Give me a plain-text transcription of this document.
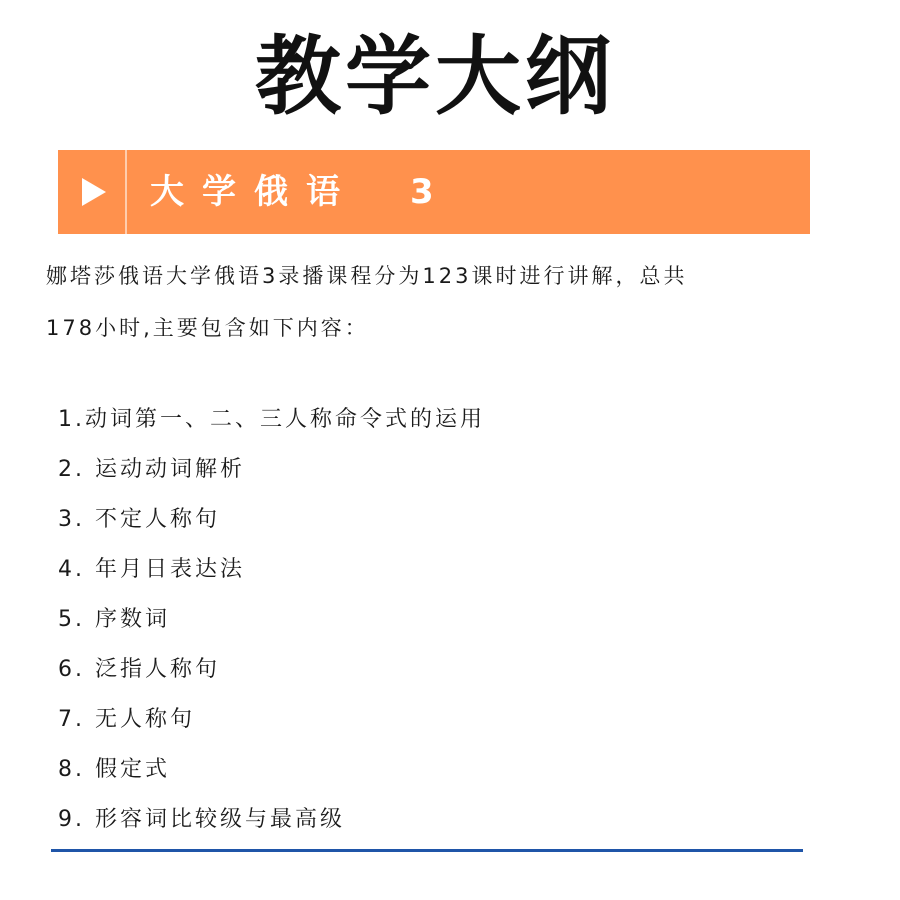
教学大纲
大学俄语　3
娜塔莎俄语大学俄语3录播课程分为123课时进行讲解，总共
178小时,主要包含如下内容：
1.动词第一、二、三人称命令式的运用
2. 运动动词解析
3. 不定人称句
4. 年月日表达法
5. 序数词
6. 泛指人称句
7. 无人称句
8. 假定式
9. 形容词比较级与最高级
